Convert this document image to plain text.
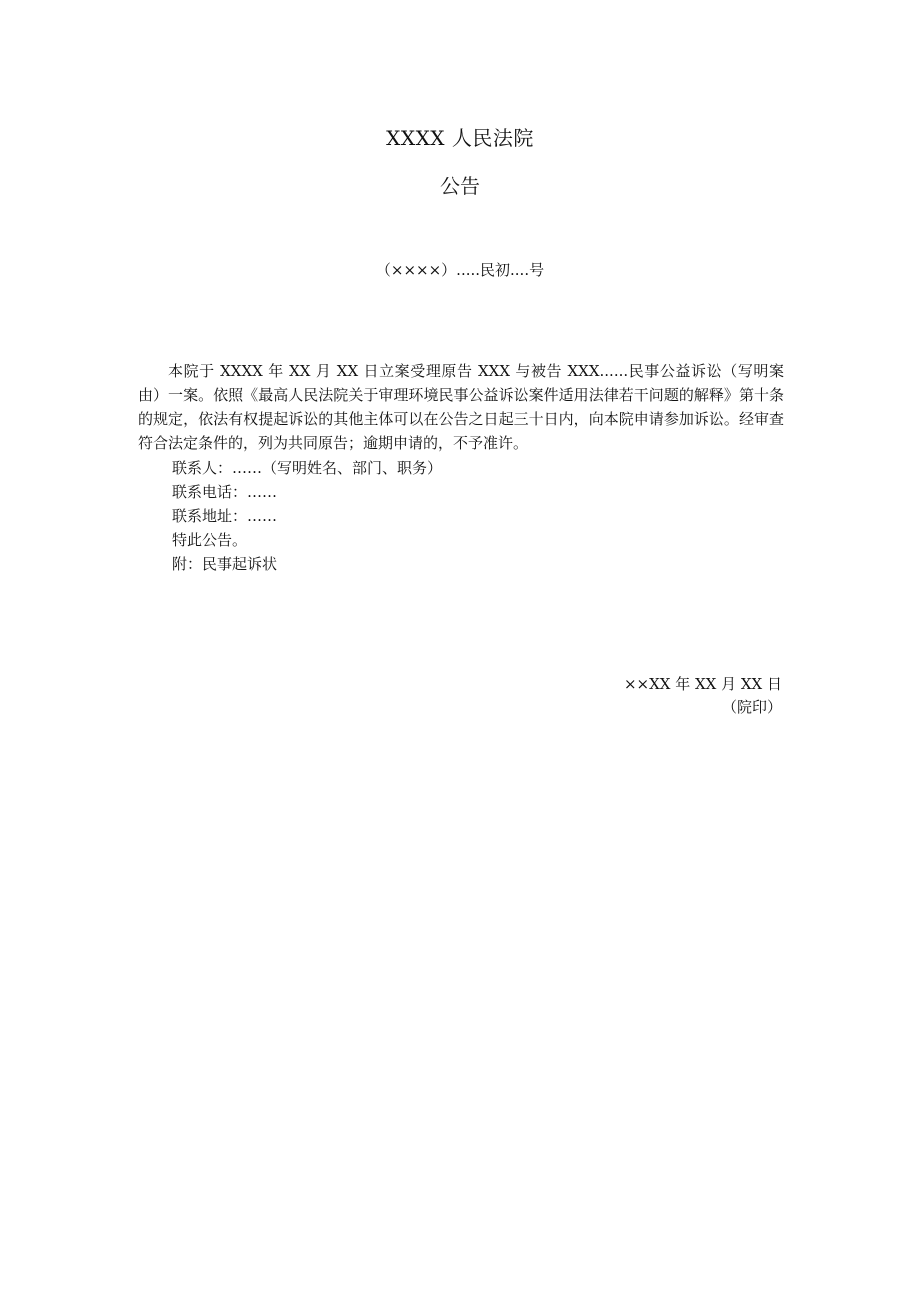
XXXX 人民法院
公告
（××××）.....民初....号

本院于 XXXX 年 XX 月 XX 日立案受理原告 XXX 与被告 XXX......民事公益诉讼（写明案由）一案。依照《最高人民法院关于审理环境民事公益诉讼案件适用法律若干问题的解释》第十条的规定，依法有权提起诉讼的其他主体可以在公告之日起三十日内，向本院申请参加诉讼。经审查符合法定条件的，列为共同原告；逾期申请的，不予准许。

联系人：……（写明姓名、部门、职务）
联系电话：……
联系地址：……
特此公告。
附：民事起诉状
××XX 年 XX 月 XX 日
（院印）
